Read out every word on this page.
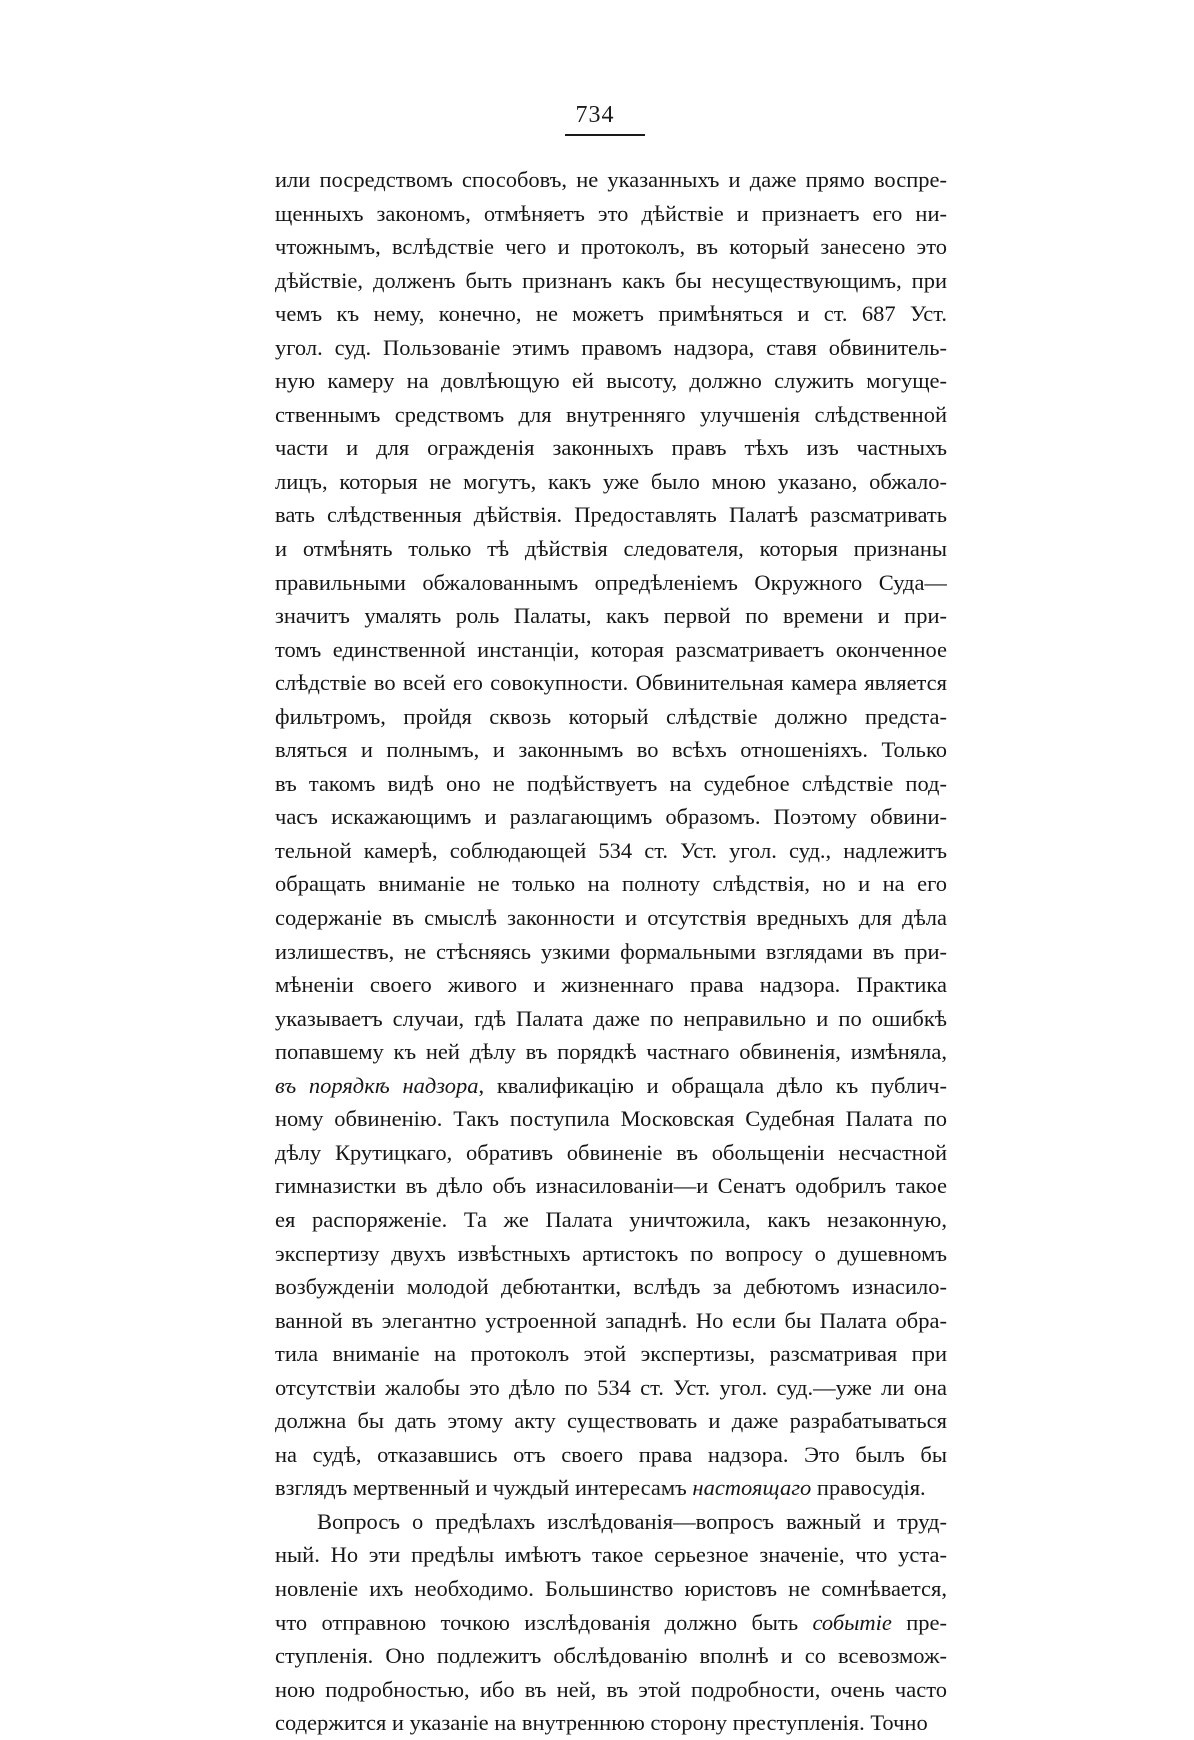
734
или посредствомъ способовъ, не указанныхъ и даже прямо воспре-
щенныхъ закономъ, отмѣняетъ это дѣйствіе и признаетъ его ни-
чтожнымъ, вслѣдствіе чего и протоколъ, въ который занесено это
дѣйствіе, долженъ быть признанъ какъ бы несуществующимъ, при
чемъ къ нему, конечно, не можетъ примѣняться и ст. 687 Уст.
угол. суд. Пользованіе этимъ правомъ надзора, ставя обвинитель-
ную камеру на довлѣющую ей высоту, должно служить могуще-
ственнымъ средствомъ для внутренняго улучшенія слѣдственной
части и для огражденія законныхъ правъ тѣхъ изъ частныхъ
лицъ, которыя не могутъ, какъ уже было мною указано, обжало-
вать слѣдственныя дѣйствія. Предоставлять Палатѣ разсматривать
и отмѣнять только тѣ дѣйствія следователя, которыя признаны
правильными обжалованнымъ опредѣленіемъ Окружного Суда—
значитъ умалять роль Палаты, какъ первой по времени и при-
томъ единственной инстанціи, которая разсматриваетъ оконченное
слѣдствіе во всей его совокупности. Обвинительная камера является
фильтромъ, пройдя сквозь который слѣдствіе должно предста-
вляться и полнымъ, и законнымъ во всѣхъ отношеніяхъ. Только
въ такомъ видѣ оно не подѣйствуетъ на судебное слѣдствіе под-
часъ искажающимъ и разлагающимъ образомъ. Поэтому обвини-
тельной камерѣ, соблюдающей 534 ст. Уст. угол. суд., надлежитъ
обращать вниманіе не только на полноту слѣдствія, но и на его
содержаніе въ смыслѣ законности и отсутствія вредныхъ для дѣла
излишествъ, не стѣсняясь узкими формальными взглядами въ при-
мѣненіи своего живого и жизненнаго права надзора. Практика
указываетъ случаи, гдѣ Палата даже по неправильно и по ошибкѣ
попавшему къ ней дѣлу въ порядкѣ частнаго обвиненія, измѣняла,
въ порядкѣ надзора, квалификацію и обращала дѣло къ публич-
ному обвиненію. Такъ поступила Московская Судебная Палата по
дѣлу Крутицкаго, обративъ обвиненіе въ обольщеніи несчастной
гимназистки въ дѣло объ изнасилованіи—и Сенатъ одобрилъ такое
ея распоряженіе. Та же Палата уничтожила, какъ незаконную,
экспертизу двухъ извѣстныхъ артистокъ по вопросу о душевномъ
возбужденіи молодой дебютантки, вслѣдъ за дебютомъ изнасило-
ванной въ элегантно устроенной западнѣ. Но если бы Палата обра-
тила вниманіе на протоколъ этой экспертизы, разсматривая при
отсутствіи жалобы это дѣло по 534 ст. Уст. угол. суд.—уже ли она
должна бы дать этому акту существовать и даже разрабатываться
на судѣ, отказавшись отъ своего права надзора. Это былъ бы
взглядъ мертвенный и чуждый интересамъ настоящаго правосудія.
Вопросъ о предѣлахъ изслѣдованія—вопросъ важный и труд-
ный. Но эти предѣлы имѣютъ такое серьезное значеніе, что уста-
новленіе ихъ необходимо. Большинство юристовъ не сомнѣвается,
что отправною точкою изслѣдованія должно быть событіе пре-
ступленія. Оно подлежитъ обслѣдованію вполнѣ и со всевозмож-
ною подробностью, ибо въ ней, въ этой подробности, очень часто
содержится и указаніе на внутреннюю сторону преступленія. Точно
